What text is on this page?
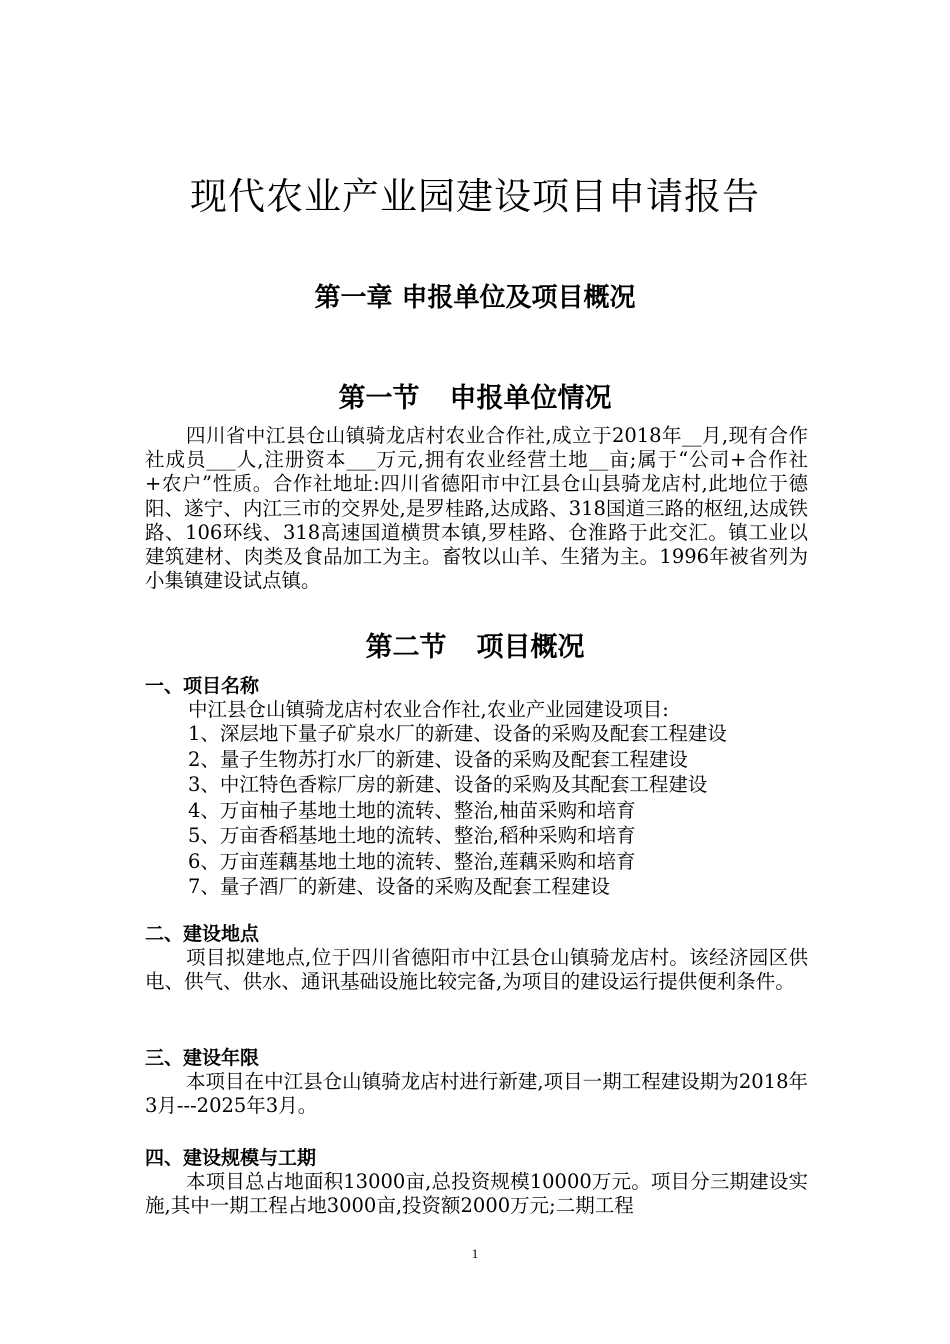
现代农业产业园建设项目申请报告
第一章 申报单位及项目概况
第一节 申报单位情况

四川省中江县仓山镇骑龙店村农业合作社,成立于2018年__月,现有合作社成员___人,注册资本___万元,拥有农业经营土地__亩;属于“公司+合作社+农户”性质。合作社地址:四川省德阳市中江县仓山县骑龙店村,此地位于德阳、遂宁、内江三市的交界处,是罗桂路,达成路、318国道三路的枢纽,达成铁路、106环线、318高速国道横贯本镇,罗桂路、仓淮路于此交汇。镇工业以建筑建材、肉类及食品加工为主。畜牧以山羊、生猪为主。1996年被省列为小集镇建设试点镇。

第二节 项目概况

一、项目名称

中江县仓山镇骑龙店村农业合作社,农业产业园建设项目:

1、深层地下量子矿泉水厂的新建、设备的采购及配套工程建设
2、量子生物苏打水厂的新建、设备的采购及配套工程建设
3、中江特色香粽厂房的新建、设备的采购及其配套工程建设
4、万亩柚子基地土地的流转、整治,柚苗采购和培育
5、万亩香稻基地土地的流转、整治,稻种采购和培育
6、万亩莲藕基地土地的流转、整治,莲藕采购和培育
7、量子酒厂的新建、设备的采购及配套工程建设

二、建设地点

项目拟建地点,位于四川省德阳市中江县仓山镇骑龙店村。该经济园区供电、供气、供水、通讯基础设施比较完备,为项目的建设运行提供便利条件。

三、建设年限

本项目在中江县仓山镇骑龙店村进行新建,项目一期工程建设期为2018年3月---2025年3月。

四、建设规模与工期

本项目总占地面积13000亩,总投资规模10000万元。项目分三期建设实施,其中一期工程占地3000亩,投资额2000万元;二期工程

1
